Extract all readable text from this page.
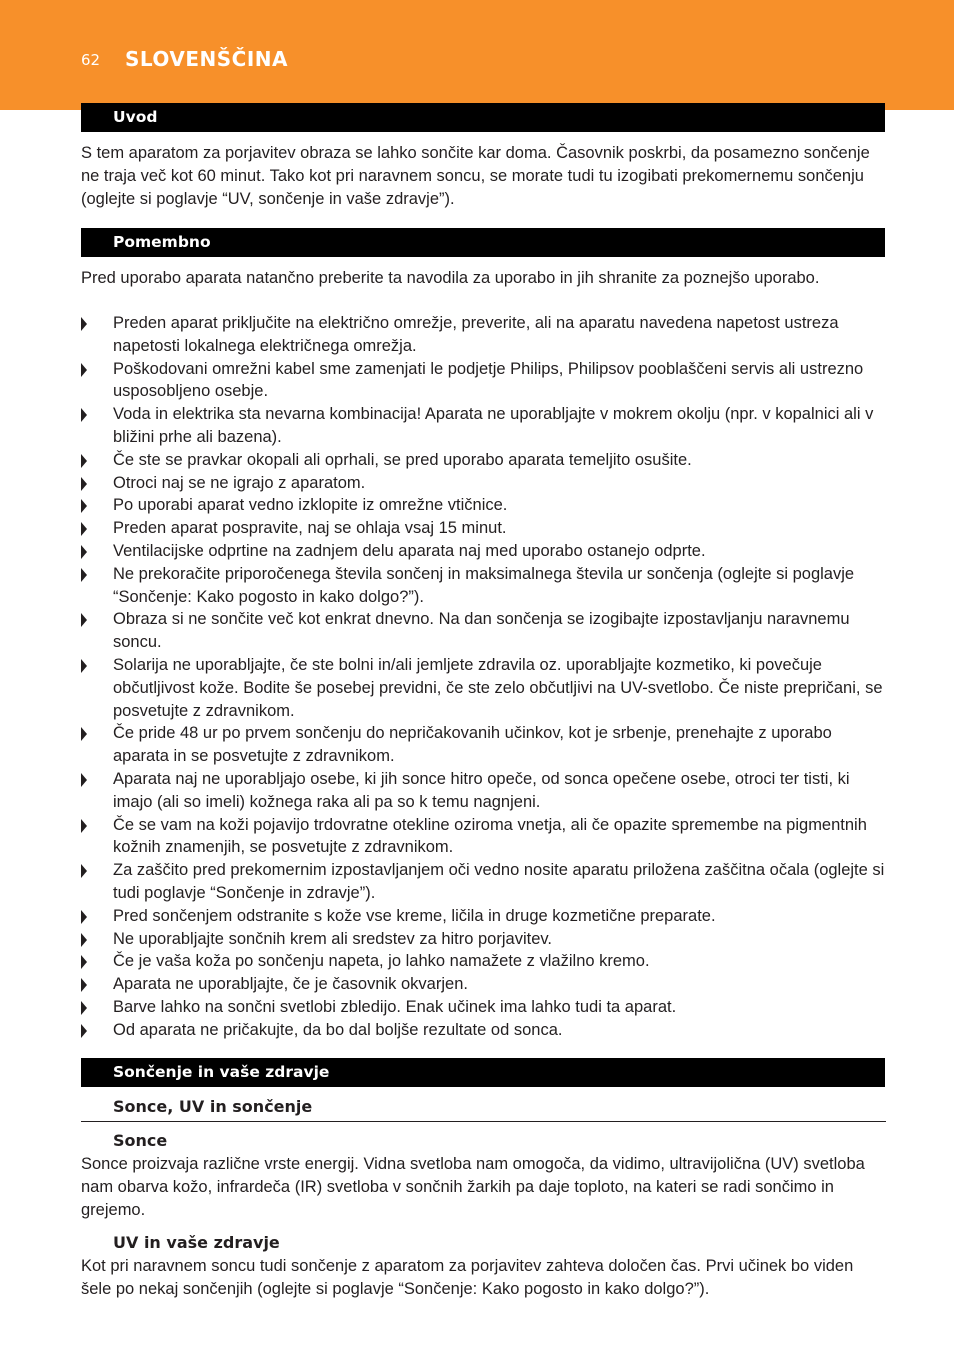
62 SLOVENŠČINA
Uvod

S tem aparatom za porjavitev obraza se lahko sončite kar doma. Časovnik poskrbi, da posamezno sončenje ne traja več kot 60 minut. Tako kot pri naravnem soncu, se morate tudi tu izogibati prekomernemu sončenju (oglejte si poglavje “UV, sončenje in vaše zdravje”).

Pomembno

Pred uporabo aparata natančno preberite ta navodila za uporabo in jih shranite za poznejšo uporabo.

Preden aparat priključite na električno omrežje, preverite, ali na aparatu navedena napetost ustreza napetosti lokalnega električnega omrežja.
Poškodovani omrežni kabel sme zamenjati le podjetje Philips, Philipsov pooblaščeni servis ali ustrezno usposobljeno osebje.
Voda in elektrika sta nevarna kombinacija! Aparata ne uporabljajte v mokrem okolju (npr. v kopalnici ali v bližini prhe ali bazena).
Če ste se pravkar okopali ali oprhali, se pred uporabo aparata temeljito osušite.
Otroci naj se ne igrajo z aparatom.
Po uporabi aparat vedno izklopite iz omrežne vtičnice.
Preden aparat pospravite, naj se ohlaja vsaj 15 minut.
Ventilacijske odprtine na zadnjem delu aparata naj med uporabo ostanejo odprte.
Ne prekoračite priporočenega števila sončenj in maksimalnega števila ur sončenja (oglejte si poglavje “Sončenje: Kako pogosto in kako dolgo?”).
Obraza si ne sončite več kot enkrat dnevno. Na dan sončenja se izogibajte izpostavljanju naravnemu soncu.
Solarija ne uporabljajte, če ste bolni in/ali jemljete zdravila oz. uporabljajte kozmetiko, ki povečuje občutljivost kože. Bodite še posebej previdni, če ste zelo občutljivi na UV-svetlobo. Če niste prepričani, se posvetujte z zdravnikom.
Če pride 48 ur po prvem sončenju do nepričakovanih učinkov, kot je srbenje, prenehajte z uporabo aparata in se posvetujte z zdravnikom.
Aparata naj ne uporabljajo osebe, ki jih sonce hitro opeče, od sonca opečene osebe, otroci ter tisti, ki imajo (ali so imeli) kožnega raka ali pa so k temu nagnjeni.
Če se vam na koži pojavijo trdovratne otekline oziroma vnetja, ali če opazite spremembe na pigmentnih kožnih znamenjih, se posvetujte z zdravnikom.
Za zaščito pred prekomernim izpostavljanjem oči vedno nosite aparatu priložena zaščitna očala (oglejte si tudi poglavje “Sončenje in zdravje”).
Pred sončenjem odstranite s kože vse kreme, ličila in druge kozmetične preparate.
Ne uporabljajte sončnih krem ali sredstev za hitro porjavitev.
Če je vaša koža po sončenju napeta, jo lahko namažete z vlažilno kremo.
Aparata ne uporabljajte, če je časovnik okvarjen.
Barve lahko na sončni svetlobi zbledijo. Enak učinek ima lahko tudi ta aparat.
Od aparata ne pričakujte, da bo dal boljše rezultate od sonca.
Sončenje in vaše zdravje
Sonce, UV in sončenje
Sonce

Sonce proizvaja različne vrste energij. Vidna svetloba nam omogoča, da vidimo, ultravijolična (UV) svetloba nam obarva kožo, infrardeča (IR) svetloba v sončnih žarkih pa daje toploto, na kateri se radi sončimo in grejemo.

UV in vaše zdravje

Kot pri naravnem soncu tudi sončenje z aparatom za porjavitev zahteva določen čas. Prvi učinek bo viden šele po nekaj sončenjih (oglejte si poglavje “Sončenje: Kako pogosto in kako dolgo?”).
